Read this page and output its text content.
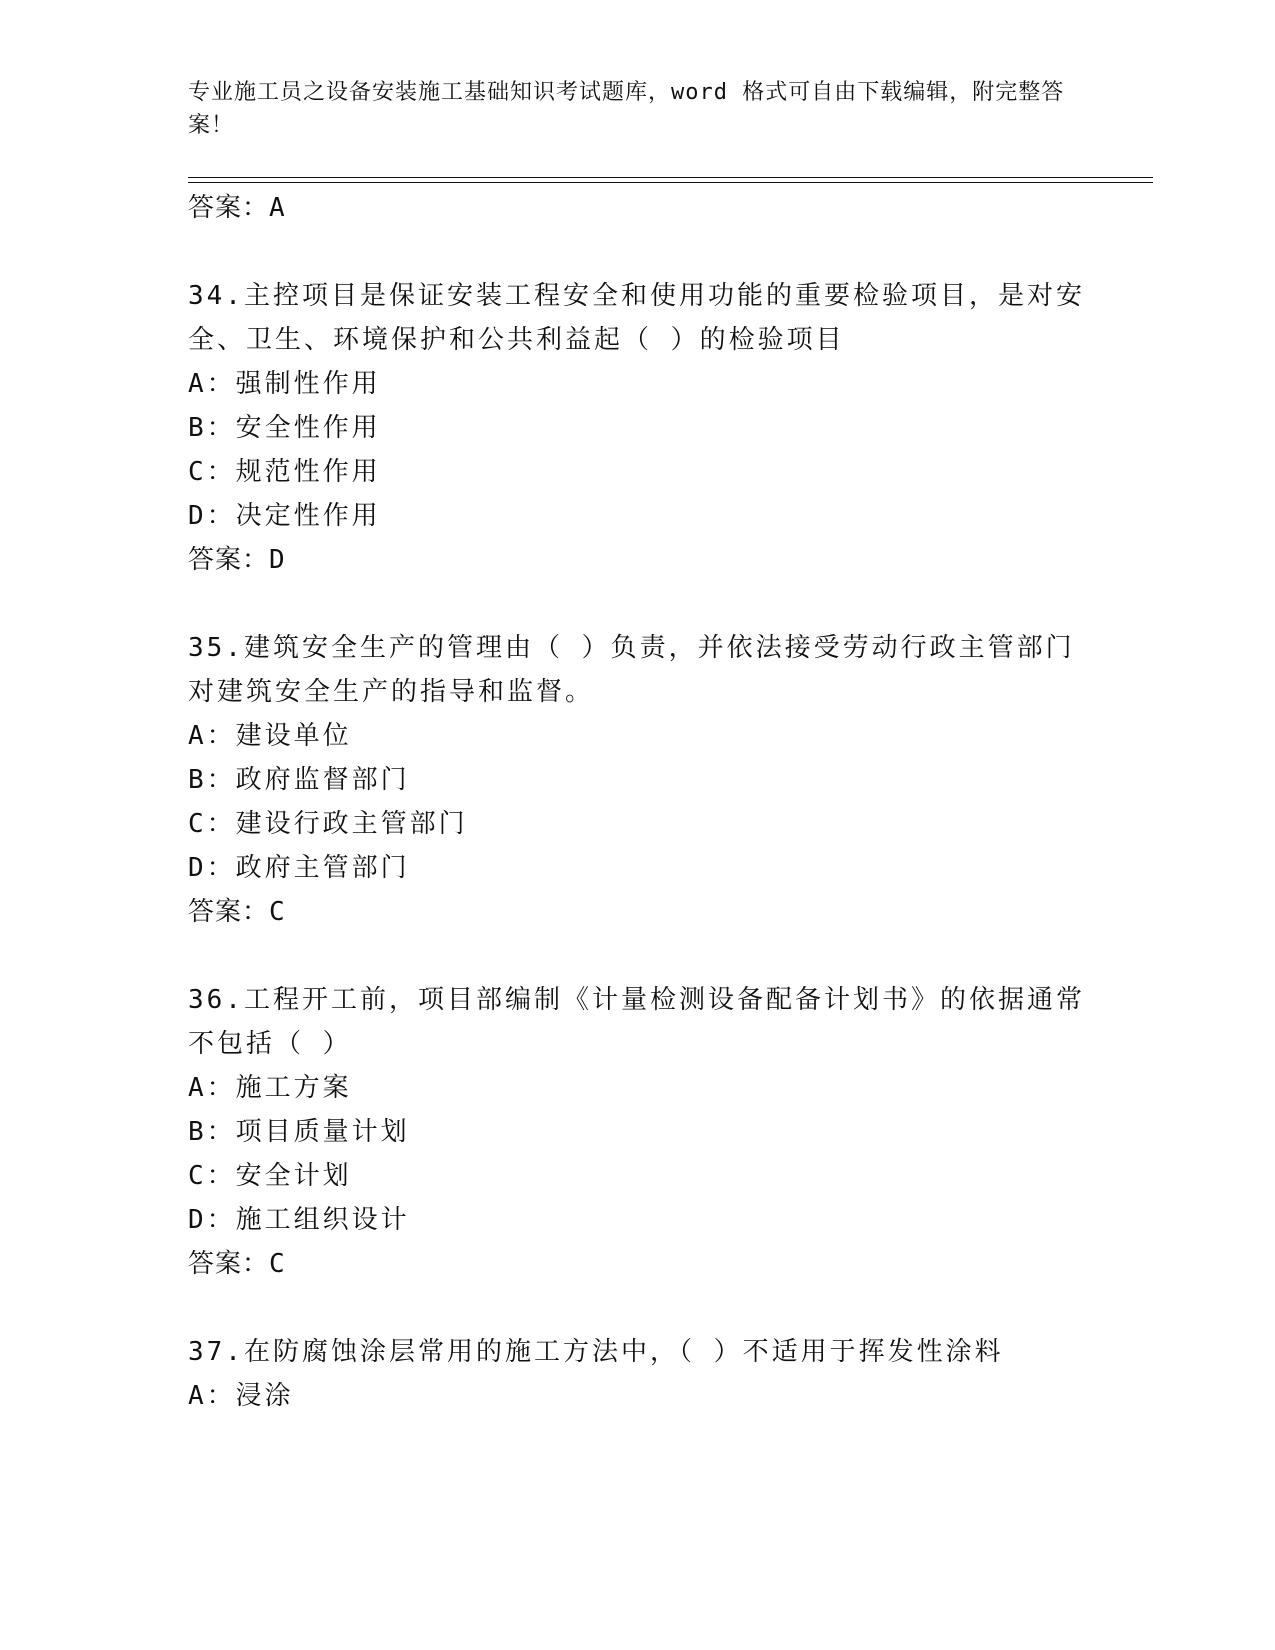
专业施工员之设备安装施工基础知识考试题库，word 格式可自由下载编辑，附完整答案！
答案：A
34.主控项目是保证安装工程安全和使用功能的重要检验项目，是对安
全、卫生、环境保护和公共利益起（ ）的检验项目
A：强制性作用
B：安全性作用
C：规范性作用
D：决定性作用
答案：D
35.建筑安全生产的管理由（ ）负责，并依法接受劳动行政主管部门
对建筑安全生产的指导和监督。
A：建设单位
B：政府监督部门
C：建设行政主管部门
D：政府主管部门
答案：C
36.工程开工前，项目部编制《计量检测设备配备计划书》的依据通常
不包括（ ）
A：施工方案
B：项目质量计划
C：安全计划
D：施工组织设计
答案：C
37.在防腐蚀涂层常用的施工方法中，（ ）不适用于挥发性涂料
A：浸涂
